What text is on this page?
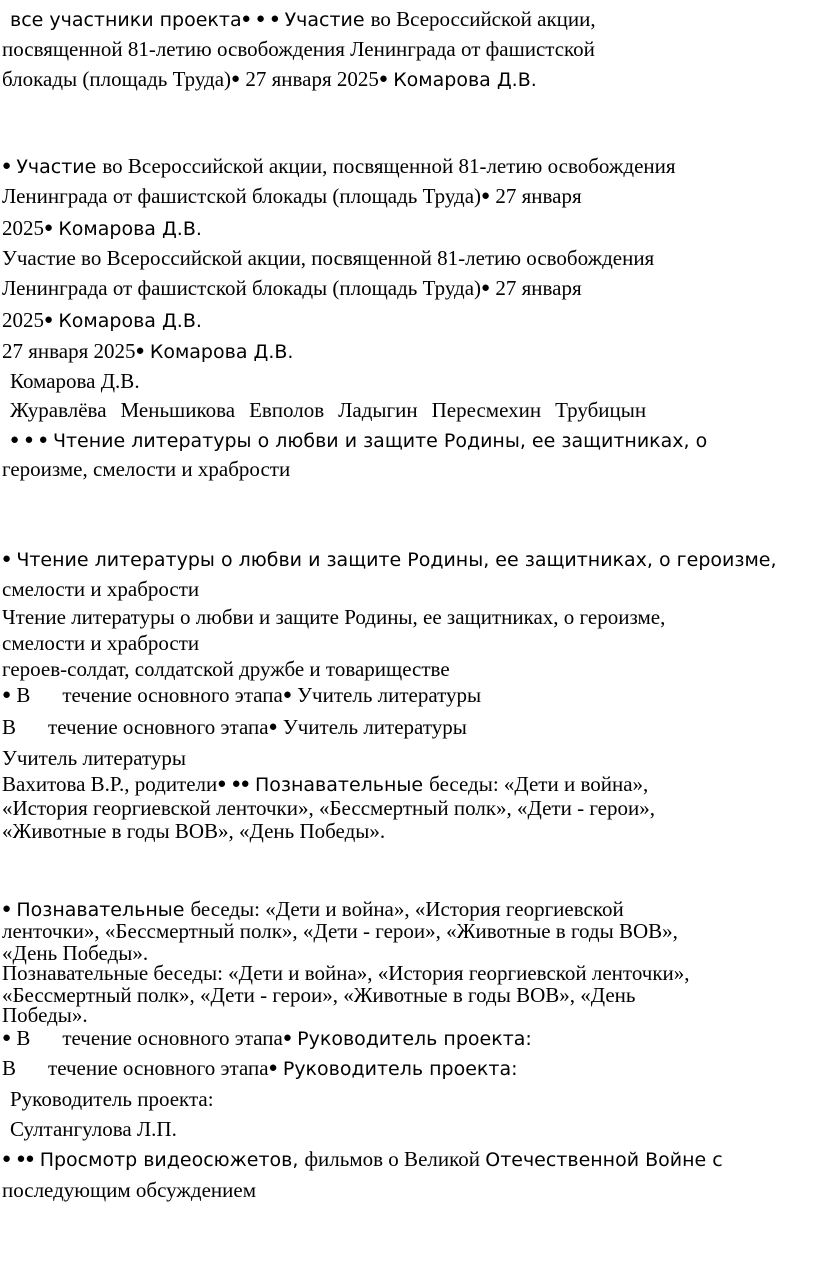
все участники проекта● ● ● Участие во Всероссийской акции,
посвященной 81-летию освобождения Ленинграда от фашистской
блокады (площадь Труда)● 27 января 2025● Комарова Д.В.
● Участие во Всероссийской акции, посвященной 81-летию освобождения
Ленинграда от фашистской блокады (площадь Труда)● 27 января
2025● Комарова Д.В.
Участие во Всероссийской акции, посвященной 81-летию освобождения
Ленинграда от фашистской блокады (площадь Труда)● 27 января
2025● Комарова Д.В.
27 января 2025● Комарова Д.В.
Комарова Д.В.
Журавлёва Меньшикова Евполов Ладыгин Пересмехин Трубицын
● ● ● Чтение литературы о любви и защите Родины, ее защитниках, о
героизме, смелости и храбрости
● Чтение литературы о любви и защите Родины, ее защитниках, о героизме,
смелости и храбрости
Чтение литературы о любви и защите Родины, ее защитниках, о героизме,
смелости и храбрости
героев-солдат, солдатской дружбе и товариществе
● В течение основного этапа● Учитель литературы
В течение основного этапа● Учитель литературы
Учитель литературы
Вахитова В.Р., родители● ●● Познавательные беседы: «Дети и война»,
«История георгиевской ленточки», «Бессмертный полк», «Дети - герои»,
«Животные в годы ВОВ», «День Победы».
● Познавательные беседы: «Дети и война», «История георгиевской
ленточки», «Бессмертный полк», «Дети - герои», «Животные в годы ВОВ»,
«День Победы».
Познавательные беседы: «Дети и война», «История георгиевской ленточки»,
«Бессмертный полк», «Дети - герои», «Животные в годы ВОВ», «День
Победы».
● В течение основного этапа● Руководитель проекта:
В течение основного этапа● Руководитель проекта:
Руководитель проекта:
Султангулова Л.П.
● ●● Просмотр видеосюжетов, фильмов о Великой Отечественной Войне с
последующим обсуждением
